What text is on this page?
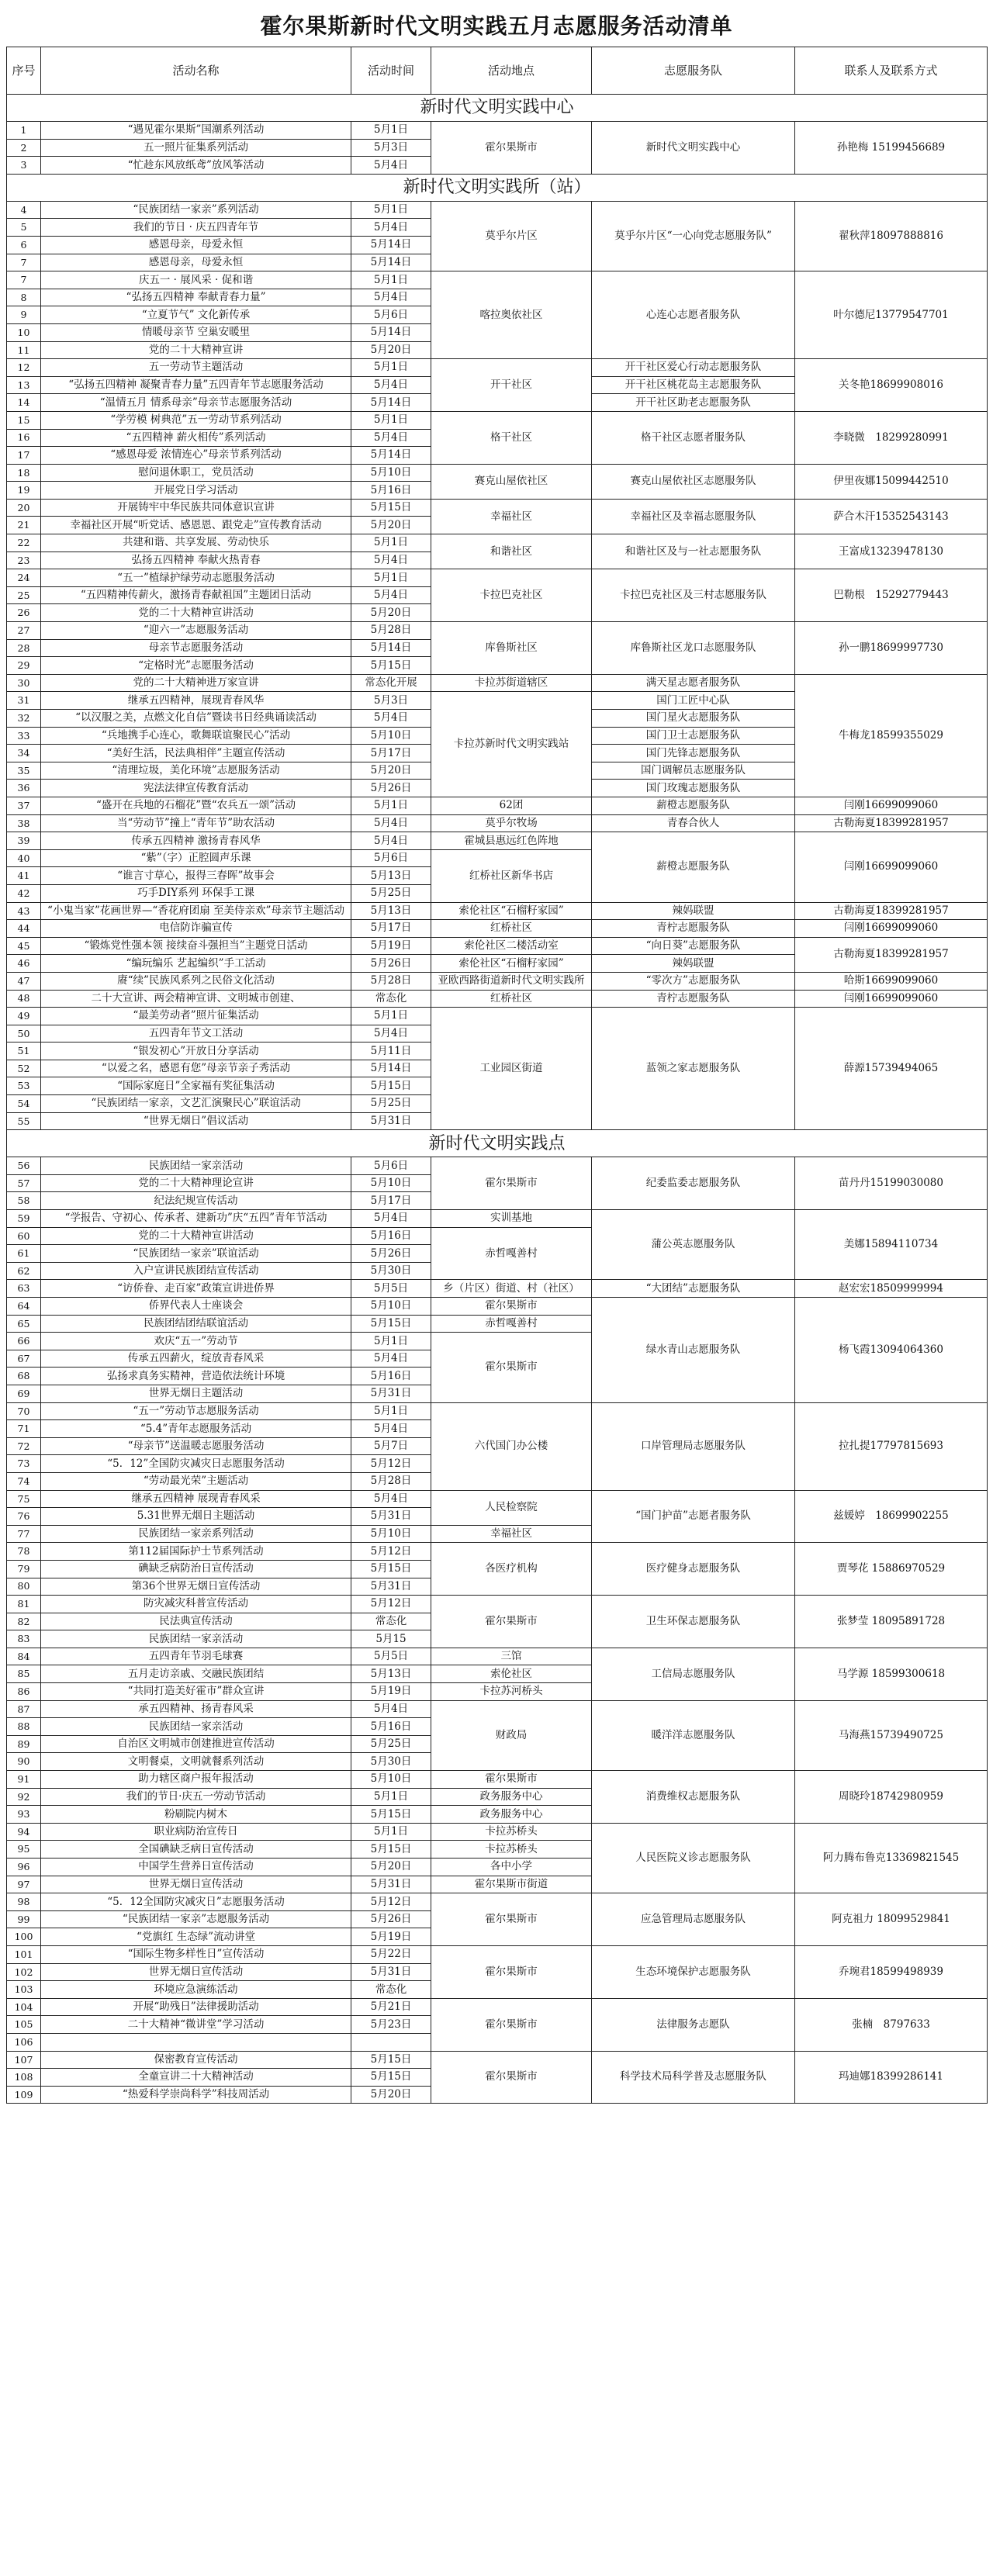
霍尔果斯新时代文明实践五月志愿服务活动清单
序号	活动名称	活动时间	活动地点	志愿服务队	联系人及联系方式
新时代文明实践中心					
1	“遇见霍尔果斯”国潮系列活动	5月1日	霍尔果斯市	新时代文明实践中心	孙艳梅 15199456689
2	五一照片征集系列活动	5月3日			
3	“忙趁东风放纸鸢”放风筝活动	5月4日			
新时代文明实践所（站）					
4	“民族团结一家亲”系列活动	5月1日	莫乎尔片区	莫乎尔片区“一心向党志愿服务队”	翟秋萍18097888816
5	我们的节日 · 庆五四青年节	5月4日			
6	感恩母亲，母爱永恒	5月14日			
7	感恩母亲，母爱永恒	5月14日			
7	庆五一 · 展风采 · 促和谐	5月1日	喀拉奥依社区	心连心志愿者服务队	叶尔德尼13779547701
8	“弘扬五四精神 奉献青春力量”	5月4日			
9	“立夏节气” 文化新传承	5月6日			
10	情暖母亲节 空巢安暖里	5月14日			
11	党的二十大精神宣讲	5月20日			
12	五一劳动节主题活动	5月1日	开干社区	开干社区爱心行动志愿服务队	关冬艳18699908016
13	“弘扬五四精神 凝聚青春力量”五四青年节志愿服务活动	5月4日		开干社区桃花岛主志愿服务队	
14	“温情五月 情系母亲”母亲节志愿服务活动	5月14日		开干社区助老志愿服务队	
15	“学劳模 树典范”五一劳动节系列活动	5月1日	格干社区	格干社区志愿者服务队	李晓微　18299280991
16	“五四精神 薪火相传”系列活动	5月4日			
17	“感恩母爱 浓情连心”母亲节系列活动	5月14日			
18	慰问退休职工，党员活动	5月10日	赛克山屋依社区	赛克山屋依社区志愿服务队	伊里夜娜15099442510
19	开展党日学习活动	5月16日			
20	开展铸牢中华民族共同体意识宣讲	5月15日	幸福社区	幸福社区及幸福志愿服务队	萨合木汗15352543143
21	幸福社区开展“听党话、感恩恩、跟党走”宣传教育活动	5月20日			
22	共建和谐、共享发展、劳动快乐	5月1日	和谐社区	和谐社区及与一社志愿服务队	王富成13239478130
23	弘扬五四精神 奉献火热青春	5月4日			
24	“五一”植绿护绿劳动志愿服务活动	5月1日	卡拉巴克社区	卡拉巴克社区及三村志愿服务队	巴勒根　15292779443
25	“五四精神传薪火，激扬青春献祖国”主题团日活动	5月4日			
26	党的二十大精神宣讲活动	5月20日			
27	“迎六一”志愿服务活动	5月28日	库鲁斯社区	库鲁斯社区龙口志愿服务队	孙一鹏18699997730
28	母亲节志愿服务活动	5月14日			
29	“定格时光”志愿服务活动	5月15日			
30	党的二十大精神进万家宣讲	常态化开展	卡拉苏街道辖区	满天星志愿者服务队	牛梅龙18599355029
31	继承五四精神，展现青春风华	5月3日	卡拉苏新时代文明实践站	国门工匠中心队	
32	“以汉服之美，点燃文化自信”暨读书日经典诵读活动	5月4日		国门星火志愿服务队	
33	“兵地携手心连心，歌舞联谊聚民心”活动	5月10日		国门卫士志愿服务队	
34	“美好生活，民法典相伴”主题宣传活动	5月17日		国门先锋志愿服务队	
35	“清理垃圾，美化环境”志愿服务活动	5月20日		国门调解员志愿服务队	
36	宪法法律宣传教育活动	5月26日		国门玫瑰志愿服务队	
37	“盛开在兵地的石榴花”暨“农兵五一颂”活动	5月1日	62团	薪橙志愿服务队	闫刚16699099060
38	当“劳动节”撞上“青年节”助农活动	5月4日	莫乎尔牧场	青春合伙人	古勒海夏18399281957
39	传承五四精神 激扬青春风华	5月4日	霍城县惠远红色阵地	薪橙志愿服务队	闫刚16699099060
40	“紫”（字）正腔圆声乐课	5月6日	红桥社区新华书店		
41	“谁言寸草心，报得三春晖”故事会	5月13日			
42	巧手DIY系列 环保手工课	5月25日			
43	“小鬼当家”花画世界—“香花府团扇 至美侍亲欢”母亲节主题活动	5月13日	索伦社区“石榴籽家园”	辣妈联盟	古勒海夏18399281957
44	电信防诈骗宣传	5月17日	红桥社区	青柠志愿服务队	闫刚16699099060
45	“锻炼党性强本领 接续奋斗强担当”主题党日活动	5月19日	索伦社区二楼活动室	“向日葵”志愿服务队	古勒海夏18399281957
46	“编玩编乐 艺起编织”手工活动	5月26日	索伦社区“石榴籽家园”	辣妈联盟	
47	赓“续”民族风系列之民俗文化活动	5月28日	亚欧西路街道新时代文明实践所	“零次方”志愿服务队	哈斯16699099060
48	二十大宣讲、两会精神宣讲、文明城市创建、	常态化	红桥社区	青柠志愿服务队	闫刚16699099060
49	“最美劳动者”照片征集活动	5月1日	工业园区街道	蓝领之家志愿服务队	薛源15739494065
50	五四青年节文工活动	5月4日			
51	“银发初心”开放日分享活动	5月11日			
52	“以爱之名，感恩有您”母亲节亲子秀活动	5月14日			
53	“国际家庭日”全家福有奖征集活动	5月15日			
54	“民族团结一家亲，文艺汇演聚民心”联谊活动	5月25日			
55	“世界无烟日”倡议活动	5月31日			
新时代文明实践点					
56	民族团结一家亲活动	5月6日	霍尔果斯市	纪委监委志愿服务队	苗丹丹15199030080
57	党的二十大精神理论宣讲	5月10日			
58	纪法纪规宣传活动	5月17日			
59	“学报告、守初心、传承者、建新功”庆“五四”青年节活动	5月4日	实训基地	蒲公英志愿服务队	美娜15894110734
60	党的二十大精神宣讲活动	5月16日	赤哲嘎善村		
61	“民族团结一家亲”联谊活动	5月26日			
62	入户宣讲民族团结宣传活动	5月30日			
63	“访侨眷、走百家”政策宣讲进侨界	5月5日	乡（片区）街道、村（社区）	“大团结”志愿服务队	赵宏宏18509999994
64	侨界代表人士座谈会	5月10日	霍尔果斯市	绿水青山志愿服务队	杨飞霞13094064360
65	民族团结团结联谊活动	5月15日	赤哲嘎善村		
66	欢庆“五一”劳动节	5月1日	霍尔果斯市		
67	传承五四薪火，绽放青春风采	5月4日			
68	弘扬求真务实精神，营造依法统计环境	5月16日			
69	世界无烟日主题活动	5月31日			
70	“五一”劳动节志愿服务活动	5月1日	六代国门办公楼	口岸管理局志愿服务队	拉扎提17797815693
71	“5.4”青年志愿服务活动	5月4日			
72	“母亲节”送温暖志愿服务活动	5月7日			
73	“5．12”全国防灾减灾日志愿服务活动	5月12日			
74	“劳动最光荣”主题活动	5月28日			
75	继承五四精神 展现青春风采	5月4日	人民检察院	“国门护苗”志愿者服务队	兹媛婷　18699902255
76	5.31世界无烟日主题活动	5月31日			
77	民族团结一家亲系列活动	5月10日	幸福社区		
78	第112届国际护士节系列活动	5月12日	各医疗机构	医疗健身志愿服务队	贾琴花 15886970529
79	碘缺乏病防治日宣传活动	5月15日			
80	第36个世界无烟日宣传活动	5月31日			
81	防灾减灾科普宣传活动	5月12日	霍尔果斯市	卫生环保志愿服务队	张梦莹 18095891728
82	民法典宣传活动	常态化			
83	民族团结一家亲活动	5月15			
84	五四青年节羽毛球赛	5月5日	三馆	工信局志愿服务队	马学源 18599300618
85	五月走访亲戚、交融民族团结	5月13日	索伦社区		
86	“共同打造美好霍市”群众宣讲	5月19日	卡拉苏河桥头		
87	承五四精神、扬青春风采	5月4日	财政局	暖洋洋志愿服务队	马海燕15739490725
88	民族团结一家亲活动	5月16日			
89	自治区文明城市创建推进宣传活动	5月25日			
90	文明餐桌，文明就餐系列活动	5月30日			
91	助力辖区商户报年报活动	5月10日	霍尔果斯市	消费维权志愿服务队	周晓玲18742980959
92	我们的节日·庆五一劳动节活动	5月1日	政务服务中心		
93	粉刷院内树木	5月15日	政务服务中心		
94	职业病防治宣传日	5月1日	卡拉苏桥头	人民医院义诊志愿服务队	阿力腾布鲁克13369821545
95	全国碘缺乏病日宣传活动	5月15日	卡拉苏桥头		
96	中国学生营养日宣传活动	5月20日	各中小学		
97	世界无烟日宣传活动	5月31日	霍尔果斯市街道		
98	“5．12全国防灾减灾日”志愿服务活动	5月12日	霍尔果斯市	应急管理局志愿服务队	阿克祖力 18099529841
99	“民族团结一家亲”志愿服务活动	5月26日			
100	“党旗红 生态绿”流动讲堂	5月19日			
101	“国际生物多样性日”宣传活动	5月22日	霍尔果斯市	生态环境保护志愿服务队	乔琬君18599498939
102	世界无烟日宣传活动	5月31日			
103	环境应急演练活动	常态化			
104	开展“助残日”法律援助活动	5月21日	霍尔果斯市	法律服务志愿队	张楠　8797633
105	二十大精神“微讲堂”学习活动	5月23日			
106					
107	保密教育宣传活动	5月15日	霍尔果斯市	科学技术局科学普及志愿服务队	玛迪娜18399286141
108	全童宣讲二十大精神活动	5月15日			
109	“热爱科学崇尚科学”科技周活动	5月20日			
